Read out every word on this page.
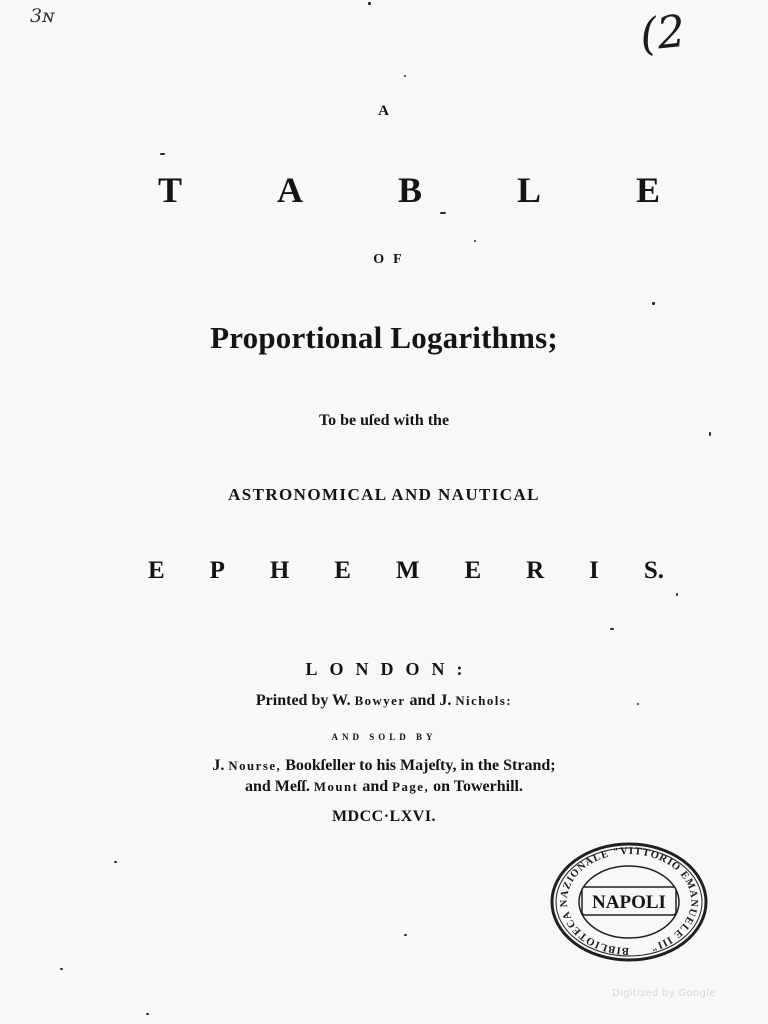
3ɴ	(2
A
T	A	B	L	E
OF
Proportional Logarithms;
To be uſed with the
ASTRONOMICAL AND NAUTICAL
E P H E M E R I S.
LONDON:
Printed by W. Bowyer and J. Nichols:
AND SOLD BY
J. Nourse, Bookſeller to his Majeſty, in the Strand;
and Meſſ. Mount and Page, on Towerhill.
MDCC·LXVI.
BIBLIOTECA NAZIONALE "VITTORIO EMANUELE III"
NAPOLI
Digitized by Google
